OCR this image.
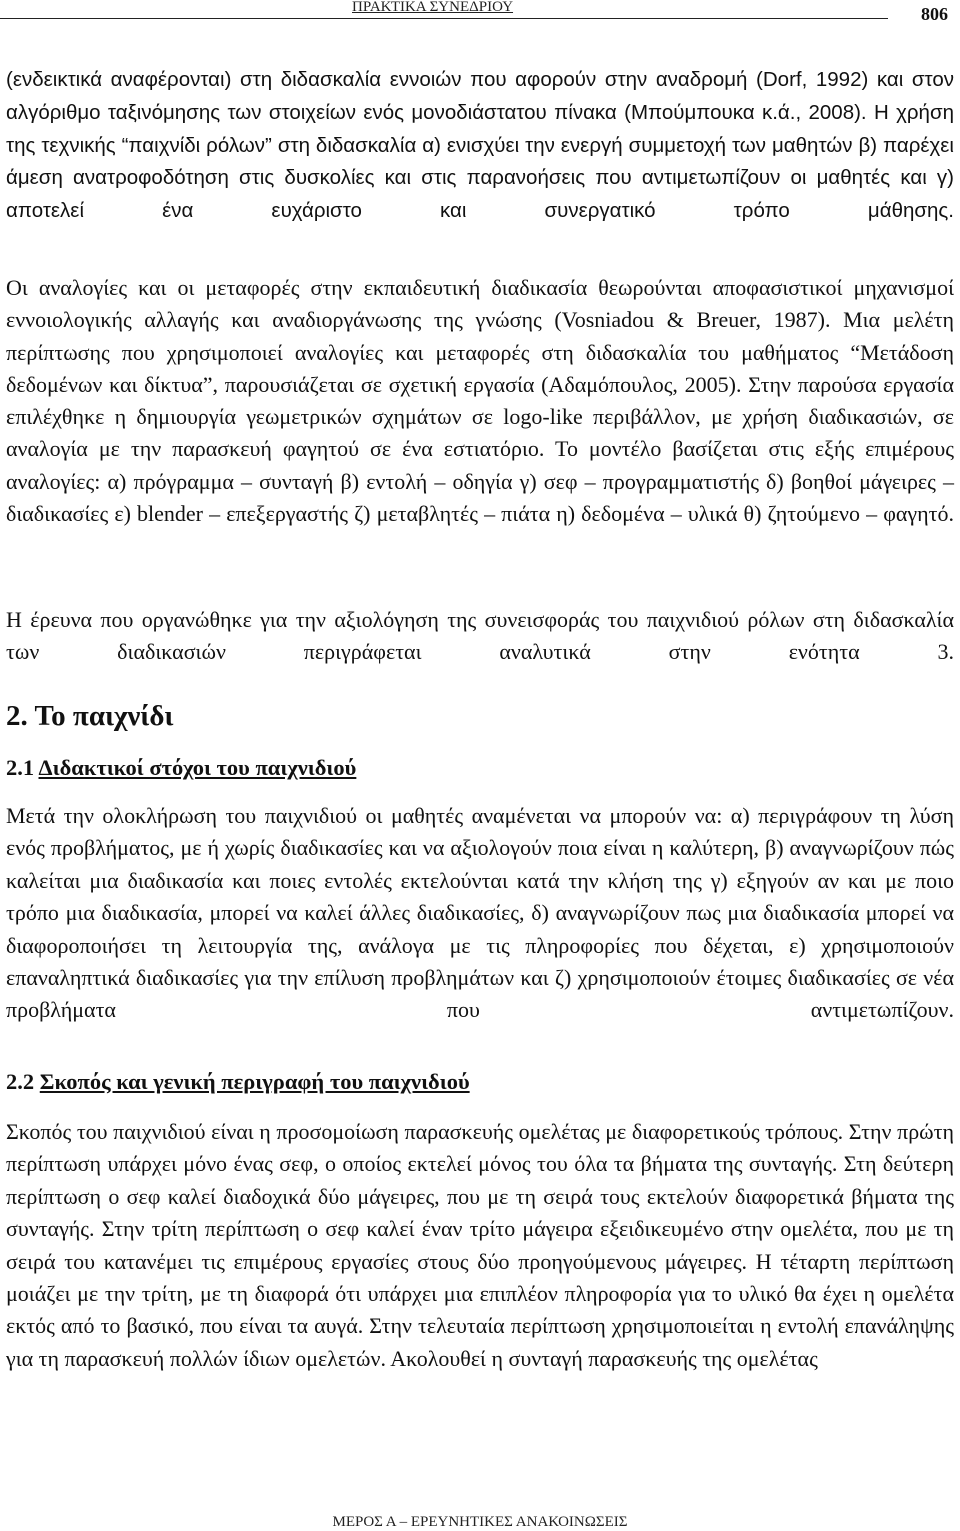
ΠΡΑΚΤΙΚΑ ΣΥΝΕΔΡΙΟΥ	806

(ενδεικτικά αναφέρονται) στη διδασκαλία εννοιών που αφορούν στην αναδρομή (Dorf, 1992) και στον αλγόριθμο ταξινόμησης των στοιχείων ενός μονοδιάστατου πίνακα (Μπούμπουκα κ.ά., 2008). Η χρήση της τεχνικής “παιχνίδι ρόλων” στη διδασκαλία α) ενισχύει την ενεργή συμμετοχή των μαθητών β) παρέχει άμεση ανατροφοδότηση στις δυσκολίες και στις παρανοήσεις που αντιμετωπίζουν οι μαθητές και γ) αποτελεί ένα ευχάριστο και συνεργατικό τρόπο μάθησης.

Οι αναλογίες και οι μεταφορές στην εκπαιδευτική διαδικασία θεωρούνται αποφασιστικοί μηχανισμοί εννοιολογικής αλλαγής και αναδιοργάνωσης της γνώσης (Vosniadou & Breuer, 1987). Μια μελέτη περίπτωσης που χρησιμοποιεί αναλογίες και μεταφορές στη διδασκαλία του μαθήματος “Μετάδοση δεδομένων και δίκτυα”, παρουσιάζεται σε σχετική εργασία (Αδαμόπουλος, 2005). Στην παρούσα εργασία επιλέχθηκε η δημιουργία γεωμετρικών σχημάτων σε logo-like περιβάλλον, με χρήση διαδικασιών, σε αναλογία με την παρασκευή φαγητού σε ένα εστιατόριο. Το μοντέλο βασίζεται στις εξής επιμέρους αναλογίες: α) πρόγραμμα – συνταγή β) εντολή – οδηγία γ) σεφ – προγραμματιστής δ) βοηθοί μάγειρες – διαδικασίες ε) blender – επεξεργαστής ζ) μεταβλητές – πιάτα η) δεδομένα – υλικά θ) ζητούμενο – φαγητό.

Η έρευνα που οργανώθηκε για την αξιολόγηση της συνεισφοράς του παιχνιδιού ρόλων στη διδασκαλία των διαδικασιών περιγράφεται αναλυτικά στην ενότητα 3.

2. Το παιχνίδι
2.1 Διδακτικοί στόχοι του παιχνιδιού

Μετά την ολοκλήρωση του παιχνιδιού οι μαθητές αναμένεται να μπορούν να: α) περιγράφουν τη λύση ενός προβλήματος, με ή χωρίς διαδικασίες και να αξιολογούν ποια είναι η καλύτερη, β) αναγνωρίζουν πώς καλείται μια διαδικασία και ποιες εντολές εκτελούνται κατά την κλήση της γ) εξηγούν αν και με ποιο τρόπο μια διαδικασία, μπορεί να καλεί άλλες διαδικασίες, δ) αναγνωρίζουν πως μια διαδικασία μπορεί να διαφοροποιήσει τη λειτουργία της, ανάλογα με τις πληροφορίες που δέχεται, ε) χρησιμοποιούν επαναληπτικά διαδικασίες για την επίλυση προβλημάτων και ζ) χρησιμοποιούν έτοιμες διαδικασίες σε νέα προβλήματα που αντιμετωπίζουν.

2.2 Σκοπός και γενική περιγραφή του παιχνιδιού

Σκοπός του παιχνιδιού είναι η προσομοίωση παρασκευής ομελέτας με διαφορετικούς τρόπους. Στην πρώτη περίπτωση υπάρχει μόνο ένας σεφ, ο οποίος εκτελεί μόνος του όλα τα βήματα της συνταγής. Στη δεύτερη περίπτωση ο σεφ καλεί διαδοχικά δύο μάγειρες, που με τη σειρά τους εκτελούν διαφορετικά βήματα της συνταγής. Στην τρίτη περίπτωση ο σεφ καλεί έναν τρίτο μάγειρα εξειδικευμένο στην ομελέτα, που με τη σειρά του κατανέμει τις επιμέρους εργασίες στους δύο προηγούμενους μάγειρες. Η τέταρτη περίπτωση μοιάζει με την τρίτη, με τη διαφορά ότι υπάρχει μια επιπλέον πληροφορία για το υλικό θα έχει η ομελέτα εκτός από το βασικό, που είναι τα αυγά. Στην τελευταία περίπτωση χρησιμοποιείται η εντολή επανάληψης για τη παρασκευή πολλών ίδιων ομελετών. Ακολουθεί η συνταγή παρασκευής της ομελέτας

ΜΕΡΟΣ Α – ΕΡΕΥΝΗΤΙΚΕΣ ΑΝΑΚΟΙΝΩΣΕΙΣ
